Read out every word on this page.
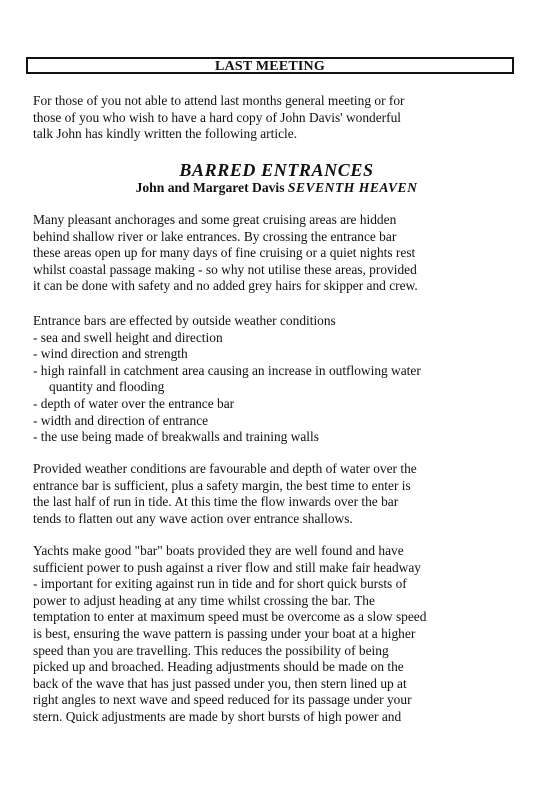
LAST MEETING

For those of you not able to attend last months general meeting or for
those of you who wish to have a hard copy of John Davis' wonderful
talk John has kindly written the following article.

BARRED ENTRANCES
John and Margaret Davis SEVENTH HEAVEN

Many pleasant anchorages and some great cruising areas are hidden
behind shallow river or lake entrances. By crossing the entrance bar
these areas open up for many days of fine cruising or a quiet nights rest
whilst coastal passage making - so why not utilise these areas, provided
it can be done with safety and no added grey hairs for skipper and crew.

Entrance bars are effected by outside weather conditions
- sea and swell height and direction
- wind direction and strength
- high rainfall in catchment area causing an increase in outflowing water
quantity and flooding
- depth of water over the entrance bar
- width and direction of entrance
- the use being made of breakwalls and training walls

Provided weather conditions are favourable and depth of water over the
entrance bar is sufficient, plus a safety margin, the best time to enter is
the last half of run in tide. At this time the flow inwards over the bar
tends to flatten out any wave action over entrance shallows.

Yachts make good "bar" boats provided they are well found and have
sufficient power to push against a river flow and still make fair headway
- important for exiting against run in tide and for short quick bursts of
power to adjust heading at any time whilst crossing the bar. The
temptation to enter at maximum speed must be overcome as a slow speed
is best, ensuring the wave pattern is passing under your boat at a higher
speed than you are travelling. This reduces the possibility of being
picked up and broached. Heading adjustments should be made on the
back of the wave that has just passed under you, then stern lined up at
right angles to next wave and speed reduced for its passage under your
stern. Quick adjustments are made by short bursts of high power and
